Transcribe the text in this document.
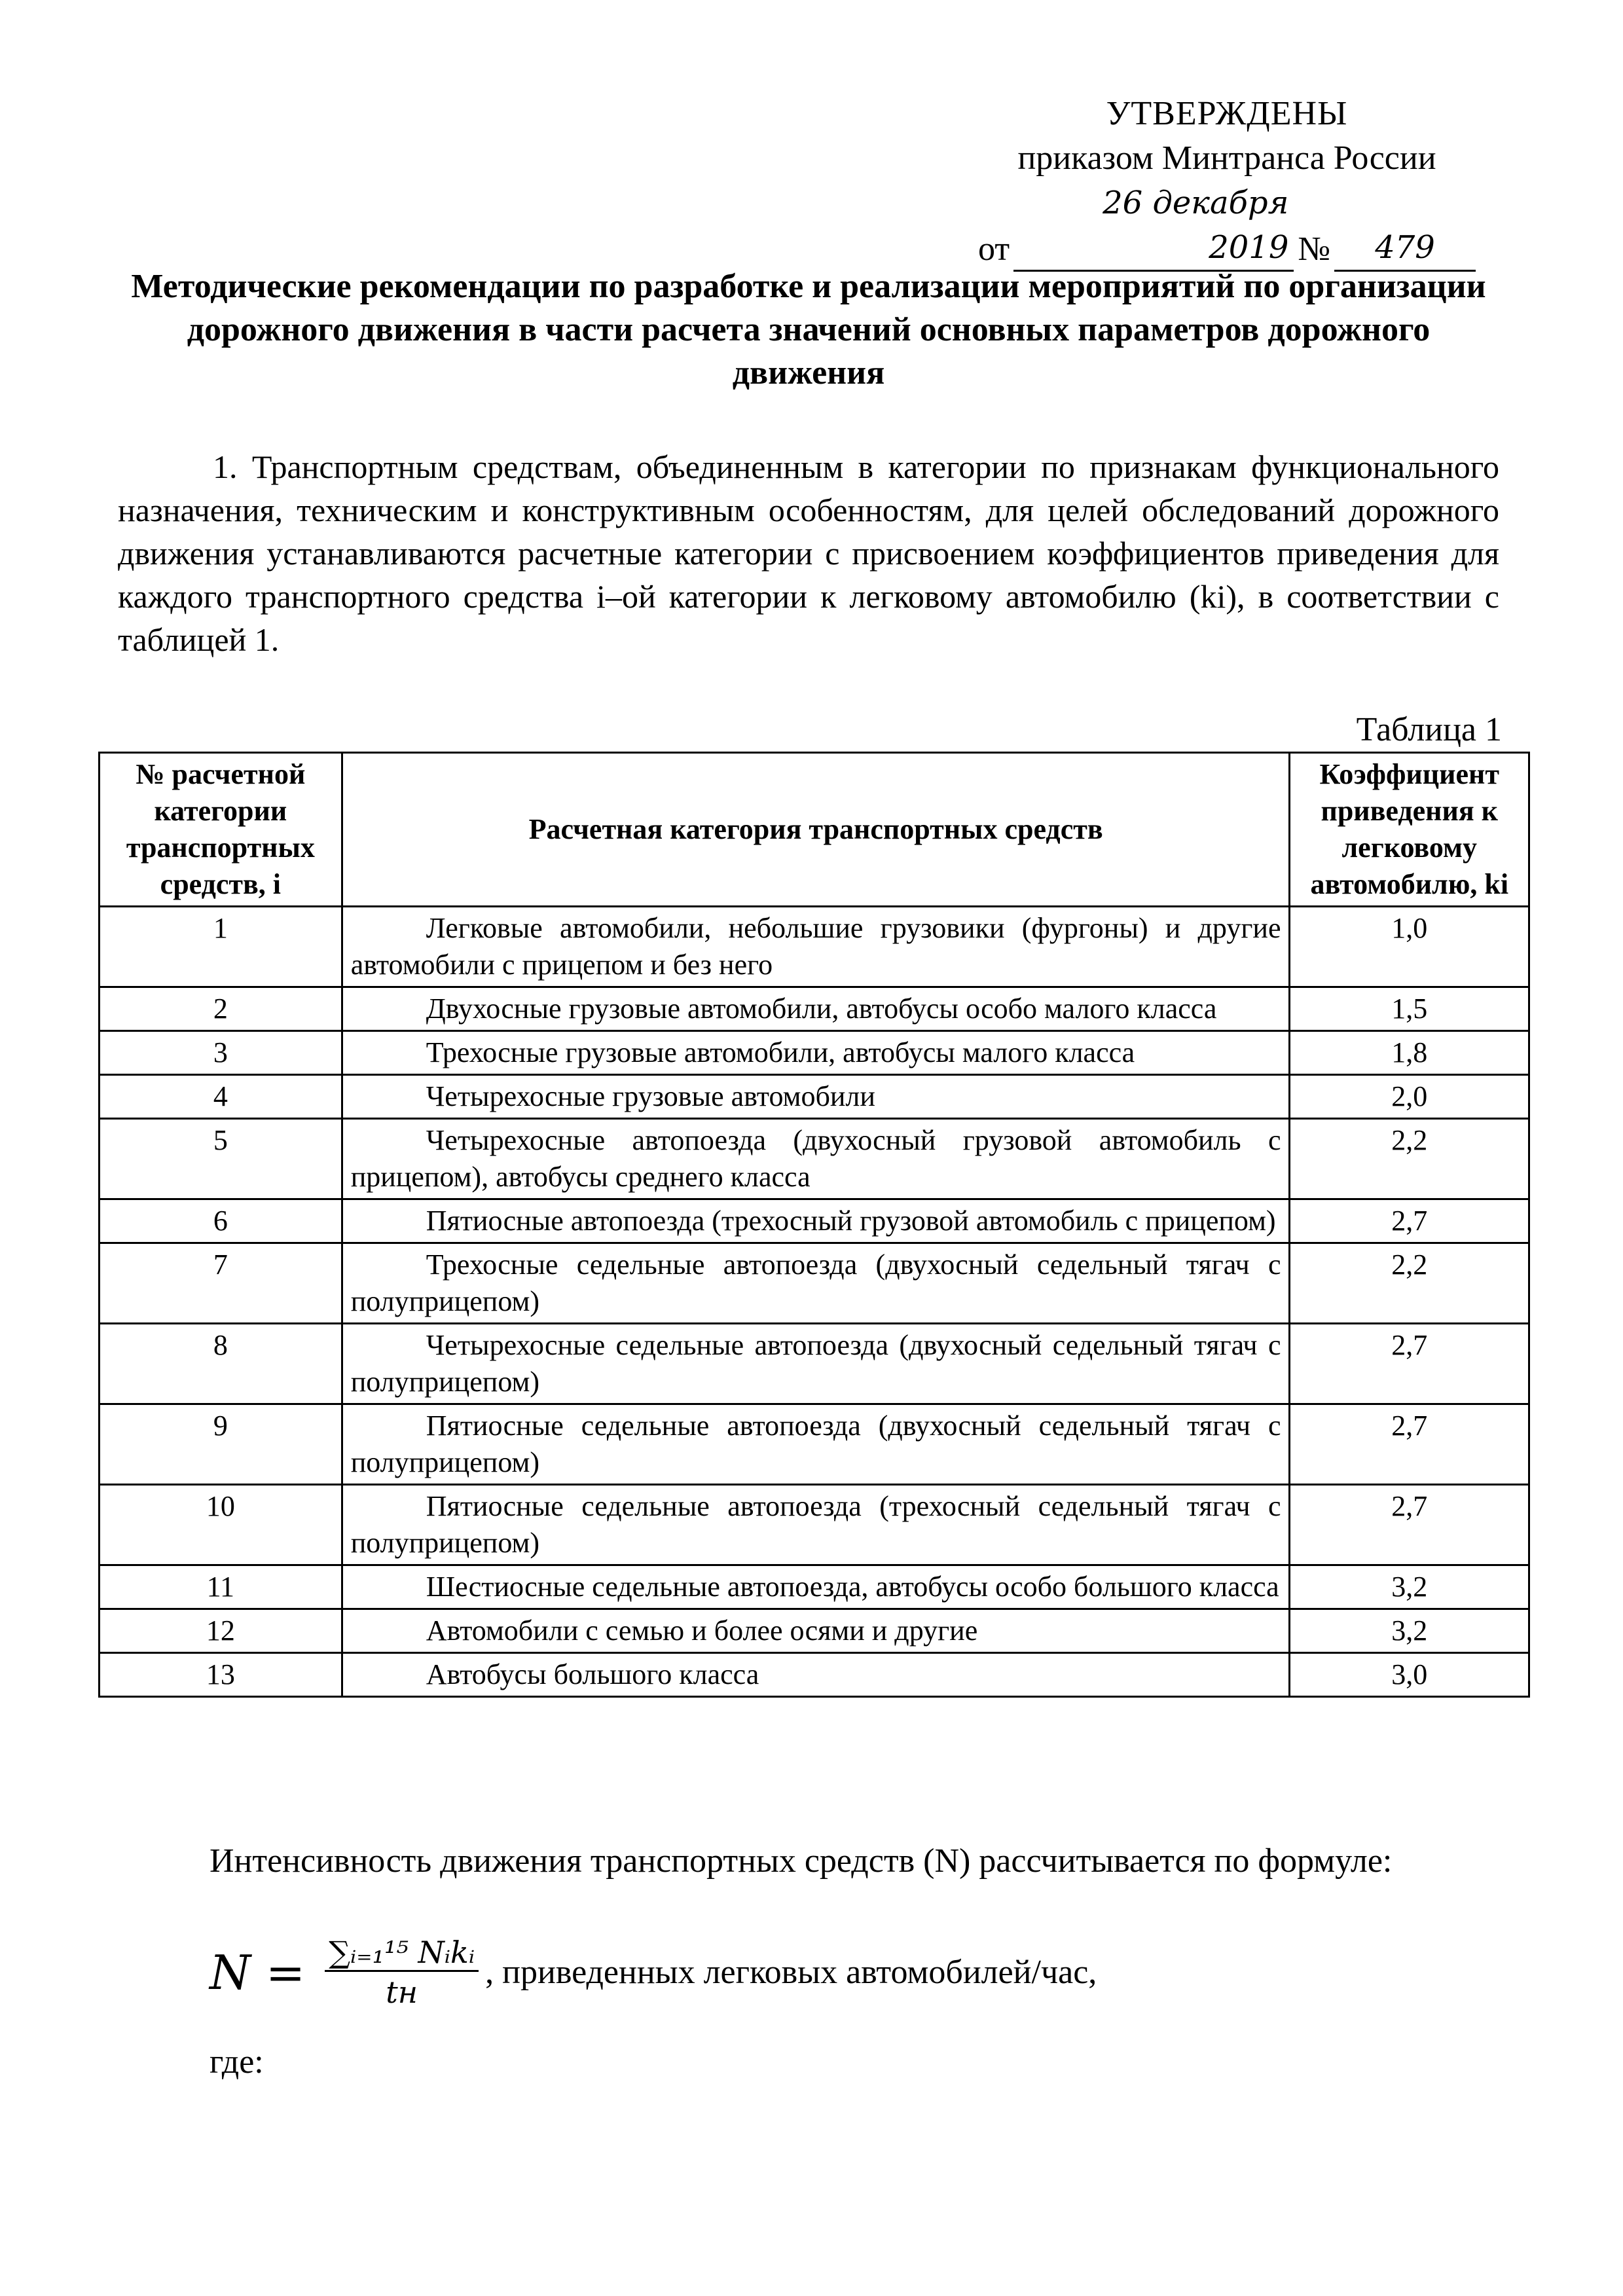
УТВЕРЖДЕНЫ
приказом Минтранса России
от
26 декабря 2019 №	479
Методические рекомендации по разработке и реализации мероприятий по организации дорожного движения в части расчета значений основных параметров дорожного движения
1. Транспортным средствам, объединенным в категории по признакам функционального назначения, техническим и конструктивным особенностям, для целей обследований дорожного движения устанавливаются расчетные категории с присвоением коэффициентов приведения для каждого транспортного средства i–ой категории к легковому автомобилю (ki), в соответствии с таблицей 1.
Таблица 1
№ расчетной категории транспортных средств, i	Расчетная категория транспортных средств	Коэффициент приведения к легковому автомобилю, ki
1	Легковые автомобили, небольшие грузовики (фургоны) и другие автомобили с прицепом и без него	1,0
2	Двухосные грузовые автомобили, автобусы особо малого класса	1,5
3	Трехосные грузовые автомобили, автобусы малого класса	1,8
4	Четырехосные грузовые автомобили	2,0
5	Четырехосные автопоезда (двухосный грузовой автомобиль с прицепом), автобусы среднего класса	2,2
6	Пятиосные автопоезда (трехосный грузовой автомобиль с прицепом)	2,7
7	Трехосные седельные автопоезда (двухосный седельный тягач с полуприцепом)	2,2
8	Четырехосные седельные автопоезда (двухосный седельный тягач с полуприцепом)	2,7
9	Пятиосные седельные автопоезда (двухосный седельный тягач с полуприцепом)	2,7
10	Пятиосные седельные автопоезда (трехосный седельный тягач с полуприцепом)	2,7
11	Шестиосные седельные автопоезда, автобусы особо большого класса	3,2
12	Автомобили с семью и более осями и другие	3,2
13	Автобусы большого класса	3,0
Интенсивность движения транспортных средств (N) рассчитывается по формуле:
$N = \frac{\text{∑ᵢ₌₁¹⁵ Nᵢkᵢ}}{tн}$ , приведенных легковых автомобилей/час,
где:
